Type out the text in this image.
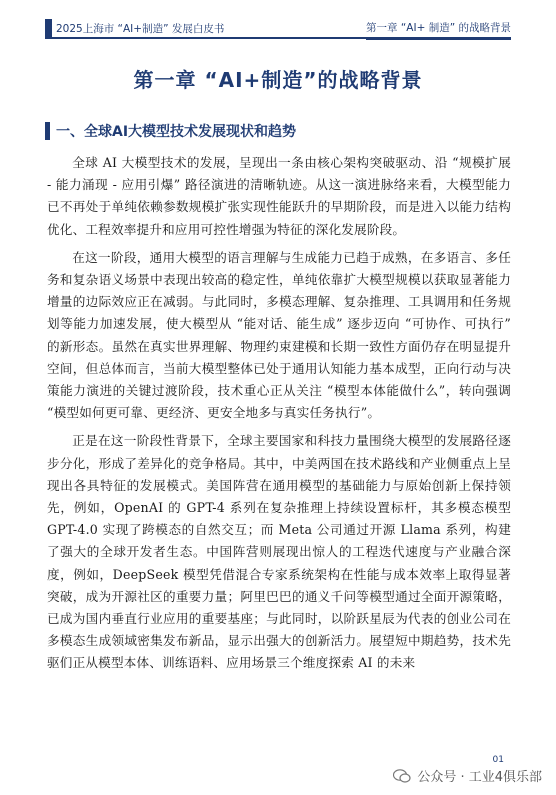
2025上海市 “AI+制造” 发展白皮书	第一章 “AI+ 制造” 的战略背景
第一章 “AI+制造”的战略背景
一、全球AI大模型技术发展现状和趋势

全球 AI 大模型技术的发展，呈现出一条由核心架构突破驱动、沿 “规模扩展 - 能力涌现 - 应用引爆” 路径演进的清晰轨迹。从这一演进脉络来看，大模型能力已不再处于单纯依赖参数规模扩张实现性能跃升的早期阶段，而是进入以能力结构优化、工程效率提升和应用可控性增强为特征的深化发展阶段。

在这一阶段，通用大模型的语言理解与生成能力已趋于成熟，在多语言、多任务和复杂语义场景中表现出较高的稳定性，单纯依靠扩大模型规模以获取显著能力增量的边际效应正在减弱。与此同时，多模态理解、复杂推理、工具调用和任务规划等能力加速发展，使大模型从 “能对话、能生成” 逐步迈向 “可协作、可执行” 的新形态。虽然在真实世界理解、物理约束建模和长期一致性方面仍存在明显提升空间，但总体而言，当前大模型整体已处于通用认知能力基本成型，正向行动与决策能力演进的关键过渡阶段，技术重心正从关注 “模型本体能做什么”，转向强调 “模型如何更可靠、更经济、更安全地多与真实任务执行”。

正是在这一阶段性背景下，全球主要国家和科技力量围绕大模型的发展路径逐步分化，形成了差异化的竞争格局。其中，中美两国在技术路线和产业侧重点上呈现出各具特征的发展模式。美国阵营在通用模型的基础能力与原始创新上保持领先，例如，OpenAI 的 GPT-4 系列在复杂推理上持续设置标杆，其多模态模型 GPT-4.0 实现了跨模态的自然交互；而 Meta 公司通过开源 Llama 系列，构建了强大的全球开发者生态。中国阵营则展现出惊人的工程迭代速度与产业融合深度，例如，DeepSeek 模型凭借混合专家系统架构在性能与成本效率上取得显著突破，成为开源社区的重要力量；阿里巴巴的通义千问等模型通过全面开源策略，已成为国内垂直行业应用的重要基座；与此同时，以阶跃星辰为代表的创业公司在多模态生成领域密集发布新品，显示出强大的创新活力。展望短中期趋势，技术先驱们正从模型本体、训练语料、应用场景三个维度探索 AI 的未来

01
公众号 · 工业4俱乐部
